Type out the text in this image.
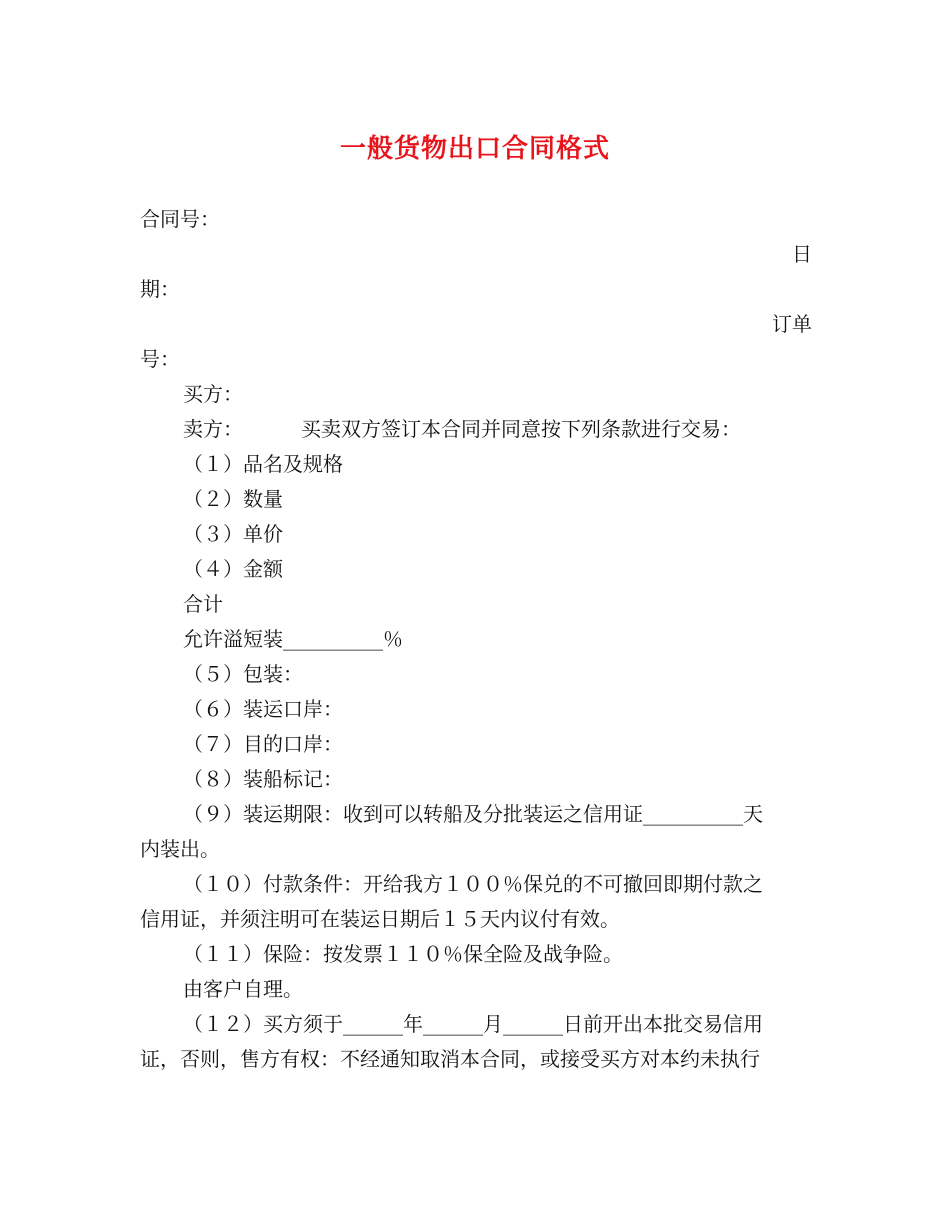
一般货物出口合同格式
合同号：
日
期：
订单
号：
买方：
卖方：	买卖双方签订本合同并同意按下列条款进行交易：
（１）品名及规格
（２）数量
（３）单价
（４）金额
合计
允许溢短装__________％
（５）包装：
（６）装运口岸：
（７）目的口岸：
（８）装船标记：
（９）装运期限：收到可以转船及分批装运之信用证__________天
内装出。
（１０）付款条件：开给我方１００％保兑的不可撤回即期付款之
信用证，并须注明可在装运日期后１５天内议付有效。
（１１）保险：按发票１１０％保全险及战争险。
由客户自理。
（１２）买方须于______年______月______日前开出本批交易信用
证，否则，售方有权：不经通知取消本合同，或接受买方对本约未执行
